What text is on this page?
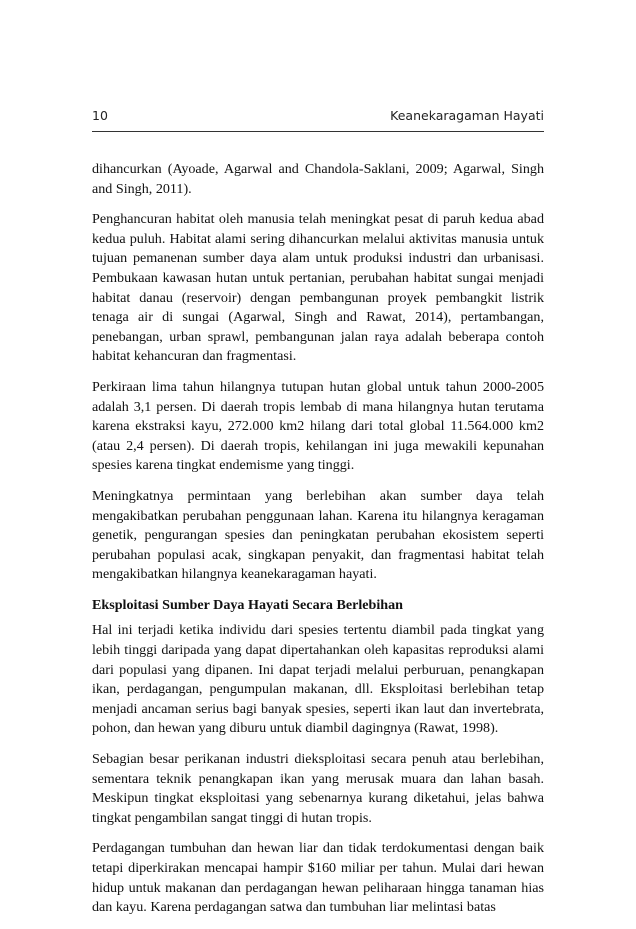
10	Keanekaragaman Hayati

dihancurkan (Ayoade, Agarwal and Chandola-Saklani, 2009; Agarwal, Singh and Singh, 2011).

Penghancuran habitat oleh manusia telah meningkat pesat di paruh kedua abad kedua puluh. Habitat alami sering dihancurkan melalui aktivitas manusia untuk tujuan pemanenan sumber daya alam untuk produksi industri dan urbanisasi. Pembukaan kawasan hutan untuk pertanian, perubahan habitat sungai menjadi habitat danau (reservoir) dengan pembangunan proyek pembangkit listrik tenaga air di sungai (Agarwal, Singh and Rawat, 2014), pertambangan, penebangan, urban sprawl, pembangunan jalan raya adalah beberapa contoh habitat kehancuran dan fragmentasi.

Perkiraan lima tahun hilangnya tutupan hutan global untuk tahun 2000-2005 adalah 3,1 persen. Di daerah tropis lembab di mana hilangnya hutan terutama karena ekstraksi kayu, 272.000 km2 hilang dari total global 11.564.000 km2 (atau 2,4 persen). Di daerah tropis, kehilangan ini juga mewakili kepunahan spesies karena tingkat endemisme yang tinggi.

Meningkatnya permintaan yang berlebihan akan sumber daya telah mengakibatkan perubahan penggunaan lahan. Karena itu hilangnya keragaman genetik, pengurangan spesies dan peningkatan perubahan ekosistem seperti perubahan populasi acak, singkapan penyakit, dan fragmentasi habitat telah mengakibatkan hilangnya keanekaragaman hayati.

Eksploitasi Sumber Daya Hayati Secara Berlebihan

Hal ini terjadi ketika individu dari spesies tertentu diambil pada tingkat yang lebih tinggi daripada yang dapat dipertahankan oleh kapasitas reproduksi alami dari populasi yang dipanen. Ini dapat terjadi melalui perburuan, penangkapan ikan, perdagangan, pengumpulan makanan, dll. Eksploitasi berlebihan tetap menjadi ancaman serius bagi banyak spesies, seperti ikan laut dan invertebrata, pohon, dan hewan yang diburu untuk diambil dagingnya (Rawat, 1998).

Sebagian besar perikanan industri dieksploitasi secara penuh atau berlebihan, sementara teknik penangkapan ikan yang merusak muara dan lahan basah. Meskipun tingkat eksploitasi yang sebenarnya kurang diketahui, jelas bahwa tingkat pengambilan sangat tinggi di hutan tropis.

Perdagangan tumbuhan dan hewan liar dan tidak terdokumentasi dengan baik tetapi diperkirakan mencapai hampir $160 miliar per tahun. Mulai dari hewan hidup untuk makanan dan perdagangan hewan peliharaan hingga tanaman hias dan kayu. Karena perdagangan satwa dan tumbuhan liar melintasi batas
